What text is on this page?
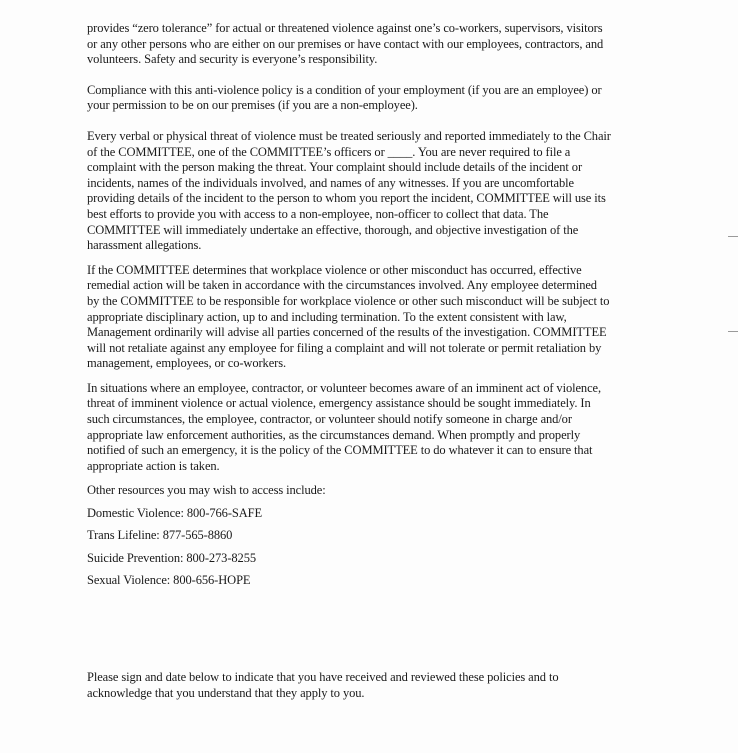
provides “zero tolerance” for actual or threatened violence against one’s co-workers, supervisors, visitors or any other persons who are either on our premises or have contact with our employees, contractors, and volunteers. Safety and security is everyone’s responsibility.

Compliance with this anti-violence policy is a condition of your employment (if you are an employee) or your permission to be on our premises (if you are a non-employee).

Every verbal or physical threat of violence must be treated seriously and reported immediately to the Chair of the COMMITTEE, one of the COMMITTEE’s officers or ____. You are never required to file a complaint with the person making the threat. Your complaint should include details of the incident or incidents, names of the individuals involved, and names of any witnesses. If you are uncomfortable providing details of the incident to the person to whom you report the incident, COMMITTEE will use its best efforts to provide you with access to a non-employee, non-officer to collect that data. The COMMITTEE will immediately undertake an effective, thorough, and objective investigation of the harassment allegations.

If the COMMITTEE determines that workplace violence or other misconduct has occurred, effective remedial action will be taken in accordance with the circumstances involved. Any employee determined by the COMMITTEE to be responsible for workplace violence or other such misconduct will be subject to appropriate disciplinary action, up to and including termination. To the extent consistent with law, Management ordinarily will advise all parties concerned of the results of the investigation. COMMITTEE will not retaliate against any employee for filing a complaint and will not tolerate or permit retaliation by management, employees, or co-workers.

In situations where an employee, contractor, or volunteer becomes aware of an imminent act of violence, threat of imminent violence or actual violence, emergency assistance should be sought immediately. In such circumstances, the employee, contractor, or volunteer should notify someone in charge and/or appropriate law enforcement authorities, as the circumstances demand. When promptly and properly notified of such an emergency, it is the policy of the COMMITTEE to do whatever it can to ensure that appropriate action is taken.

Other resources you may wish to access include:

Domestic Violence: 800-766-SAFE

Trans Lifeline: 877-565-8860

Suicide Prevention: 800-273-8255

Sexual Violence: 800-656-HOPE

Please sign and date below to indicate that you have received and reviewed these policies and to acknowledge that you understand that they apply to you.
